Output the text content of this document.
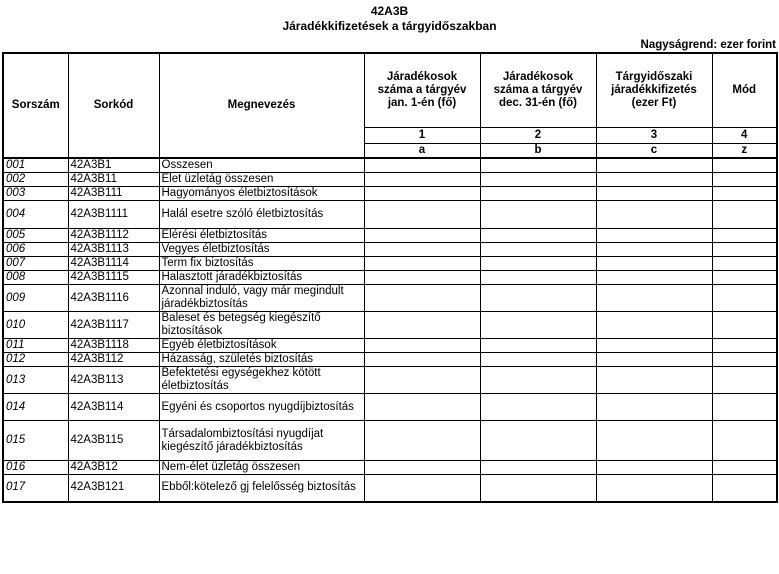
42A3B
Járadékkifizetések a tárgyidőszakban
Nagyságrend: ezer forint
Sorszám	Sorkód	Megnevezés	Járadékosok száma a tárgyév jan. 1-én (fő)	Járadékosok száma a tárgyév dec. 31-én (fő)	Tárgyidőszaki járadékkifizetés (ezer Ft)	Mód
			1	2	3	4
			a	b	c	z
001	42A3B1	Összesen				
002	42A3B11	Élet üzletág összesen				
003	42A3B111	Hagyományos életbiztosítások				
004	42A3B1111	Halál esetre szóló életbiztosítás				
005	42A3B1112	Elérési életbiztosítás				
006	42A3B1113	Vegyes életbiztosítás				
007	42A3B1114	Term fix biztosítás				
008	42A3B1115	Halasztott járadékbiztosítás				
009	42A3B1116	Azonnal induló, vagy már megindult járadékbiztosítás				
010	42A3B1117	Baleset és betegség kiegészítő biztosítások				
011	42A3B1118	Egyéb életbiztosítások				
012	42A3B112	Házasság, születés biztosítás				
013	42A3B113	Befektetési egységekhez kötött életbiztosítás				
014	42A3B114	Egyéni és csoportos nyugdíjbiztosítás				
015	42A3B115	Társadalombiztosítási nyugdíjat kiegészítő járadékbiztosítás				
016	42A3B12	Nem-élet üzletág összesen				
017	42A3B121	Ebből:kötelező gj felelősség biztosítás				
